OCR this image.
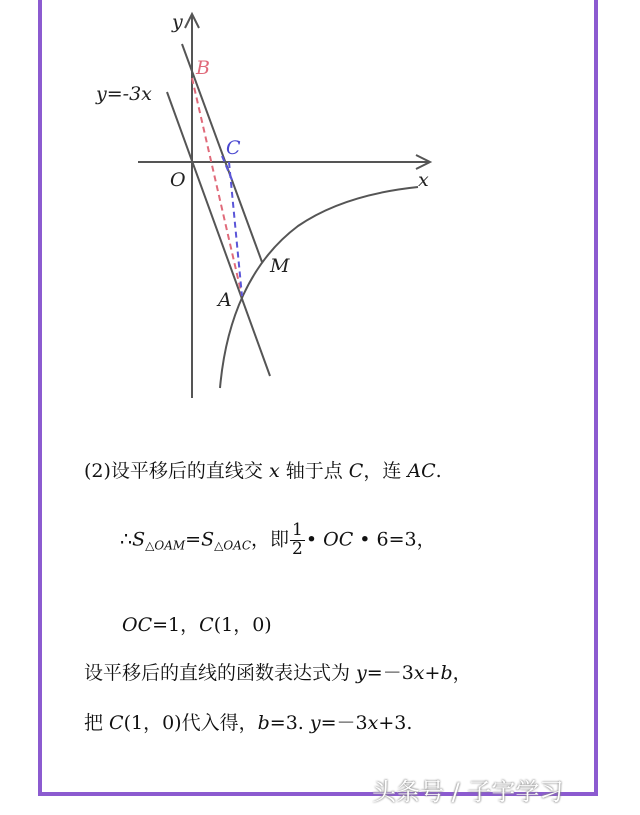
y
x
O
y=-3x
B
C
M
A
(2)设平移后的直线交 x 轴于点 C，连 AC.
$\therefore S_{\triangle OAM}=S_{\triangle OAC}$，即 $\frac{1}{2}$ • OC • 6=3，
OC=1，C(1，0)
设平移后的直线的函数表达式为 y=－3x+b，
把 C(1，0)代入得，b=3. y=－3x+3.
头条号 / 子宇学习
